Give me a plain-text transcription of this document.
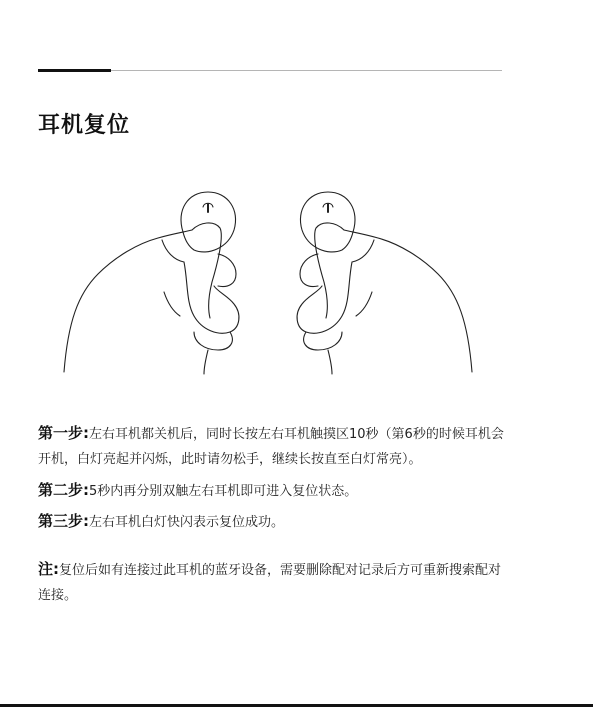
耳机复位
第一步:左右耳机都关机后，同时长按左右耳机触摸区10秒（第6秒的时候耳机会开机，白灯亮起并闪烁，此时请勿松手，继续长按直至白灯常亮）。
第二步:5秒内再分别双触左右耳机即可进入复位状态。
第三步:左右耳机白灯快闪表示复位成功。
注:复位后如有连接过此耳机的蓝牙设备，需要删除配对记录后方可重新搜索配对连接。
